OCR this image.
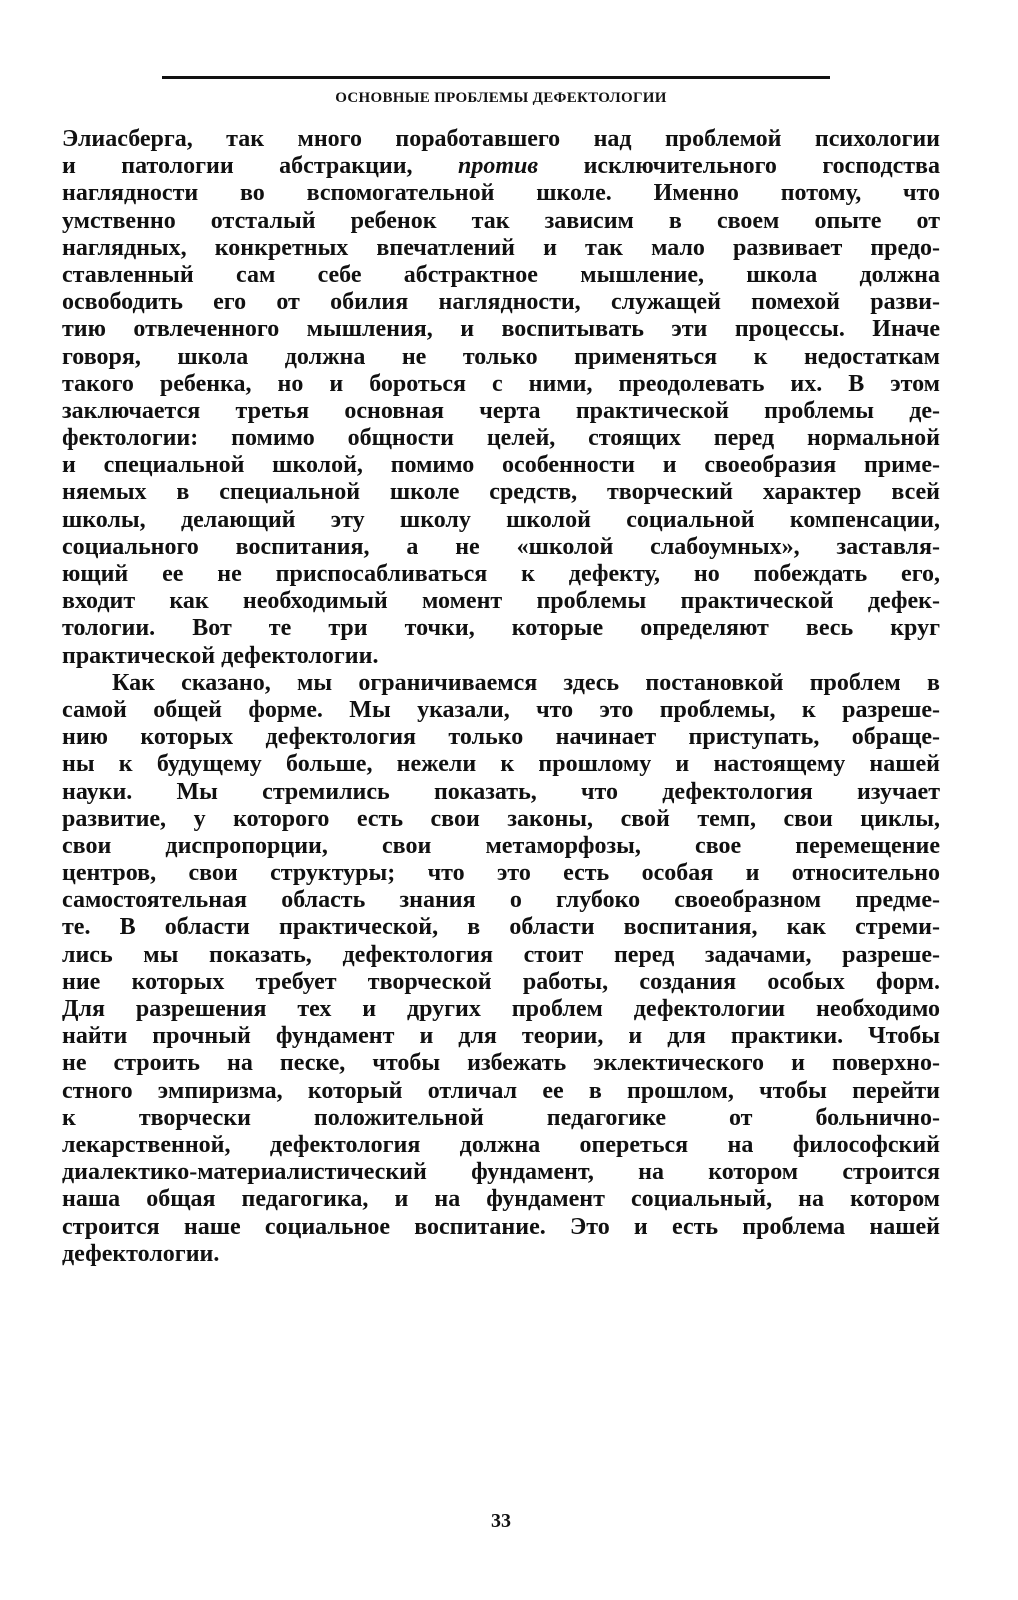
ОСНОВНЫЕ ПРОБЛЕМЫ ДЕФЕКТОЛОГИИ
Элиасберга, так много поработавшего над проблемой психологии
и патологии абстракции, против исключительного господства
наглядности во вспомогательной школе. Именно потому, что
умственно отсталый ребенок так зависим в своем опыте от
наглядных, конкретных впечатлений и так мало развивает предо-
ставленный сам себе абстрактное мышление, школа должна
освободить его от обилия наглядности, служащей помехой разви-
тию отвлеченного мышления, и воспитывать эти процессы. Иначе
говоря, школа должна не только применяться к недостаткам
такого ребенка, но и бороться с ними, преодолевать их. В этом
заключается третья основная черта практической проблемы де-
фектологии: помимо общности целей, стоящих перед нормальной
и специальной школой, помимо особенности и своеобразия приме-
няемых в специальной школе средств, творческий характер всей
школы, делающий эту школу школой социальной компенсации,
социального воспитания, а не «школой слабоумных», заставля-
ющий ее не приспосабливаться к дефекту, но побеждать его,
входит как необходимый момент проблемы практической дефек-
тологии. Вот те три точки, которые определяют весь круг
практической дефектологии.
Как сказано, мы ограничиваемся здесь постановкой проблем в
самой общей форме. Мы указали, что это проблемы, к разреше-
нию которых дефектология только начинает приступать, обраще-
ны к будущему больше, нежели к прошлому и настоящему нашей
науки. Мы стремились показать, что дефектология изучает
развитие, у которого есть свои законы, свой темп, свои циклы,
свои диспропорции, свои метаморфозы, свое перемещение
центров, свои структуры; что это есть особая и относительно
самостоятельная область знания о глубоко своеобразном предме-
те. В области практической, в области воспитания, как стреми-
лись мы показать, дефектология стоит перед задачами, разреше-
ние которых требует творческой работы, создания особых форм.
Для разрешения тех и других проблем дефектологии необходимо
найти прочный фундамент и для теории, и для практики. Чтобы
не строить на песке, чтобы избежать эклектического и поверхно-
стного эмпиризма, который отличал ее в прошлом, чтобы перейти
к творчески положительной педагогике от больнично-
лекарственной, дефектология должна опереться на философский
диалектико-материалистический фундамент, на котором строится
наша общая педагогика, и на фундамент социальный, на котором
строится наше социальное воспитание. Это и есть проблема нашей
дефектологии.
33
